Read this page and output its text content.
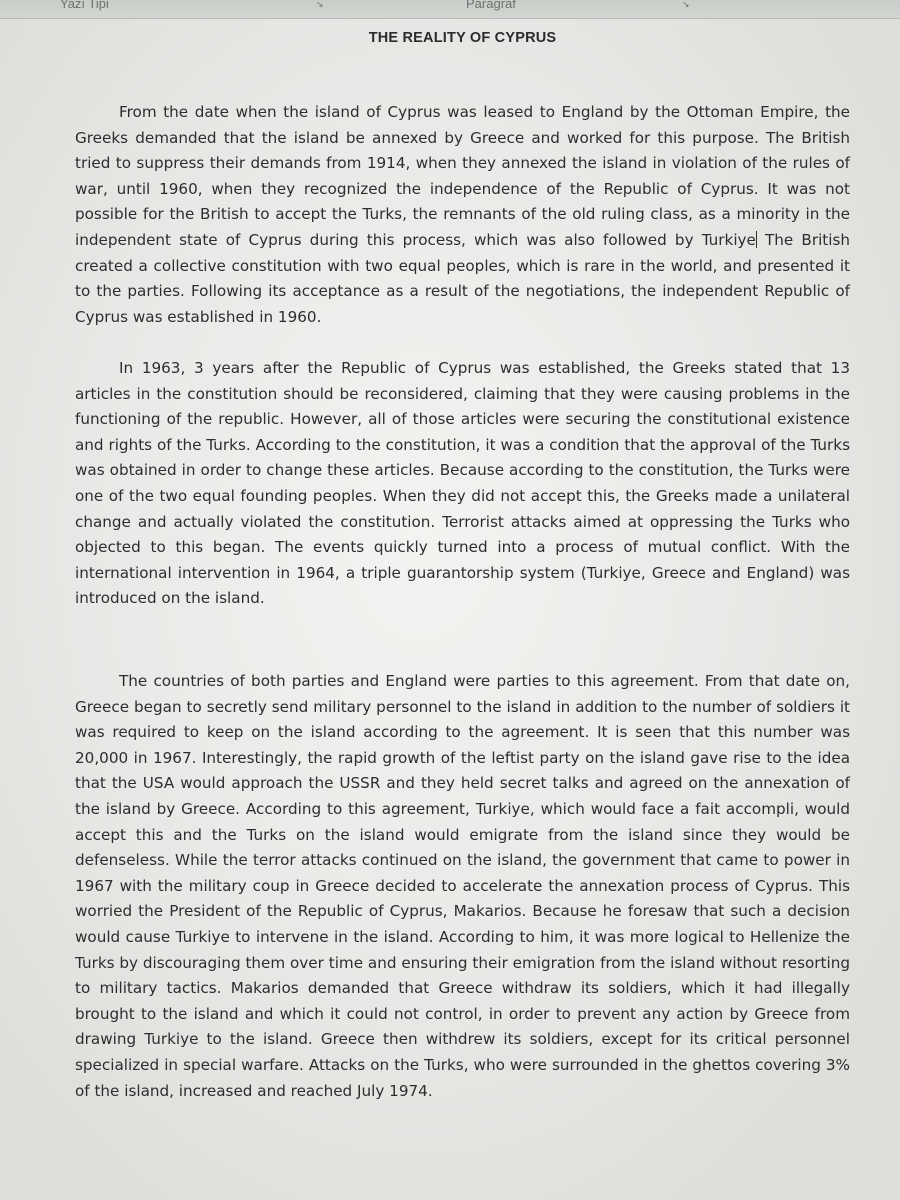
Yazı Tipi	↘	Paragraf	↘
THE REALITY OF CYPRUS

From the date when the island of Cyprus was leased to England by the Ottoman Empire, the Greeks demanded that the island be annexed by Greece and worked for this purpose. The British tried to suppress their demands from 1914, when they annexed the island in violation of the rules of war, until 1960, when they recognized the independence of the Republic of Cyprus. It was not possible for the British to accept the Turks, the remnants of the old ruling class, as a minority in the independent state of Cyprus during this process, which was also followed by Turkiye The British created a collective constitution with two equal peoples, which is rare in the world, and presented it to the parties. Following its acceptance as a result of the negotiations, the independent Republic of Cyprus was established in 1960.

In 1963, 3 years after the Republic of Cyprus was established, the Greeks stated that 13 articles in the constitution should be reconsidered, claiming that they were causing problems in the functioning of the republic. However, all of those articles were securing the constitutional existence and rights of the Turks. According to the constitution, it was a condition that the approval of the Turks was obtained in order to change these articles. Because according to the constitution, the Turks were one of the two equal founding peoples. When they did not accept this, the Greeks made a unilateral change and actually violated the constitution. Terrorist attacks aimed at oppressing the Turks who objected to this began. The events quickly turned into a process of mutual conflict. With the international intervention in 1964, a triple guarantorship system (Turkiye, Greece and England) was introduced on the island.

The countries of both parties and England were parties to this agreement. From that date on, Greece began to secretly send military personnel to the island in addition to the number of soldiers it was required to keep on the island according to the agreement. It is seen that this number was 20,000 in 1967. Interestingly, the rapid growth of the leftist party on the island gave rise to the idea that the USA would approach the USSR and they held secret talks and agreed on the annexation of the island by Greece. According to this agreement, Turkiye, which would face a fait accompli, would accept this and the Turks on the island would emigrate from the island since they would be defenseless. While the terror attacks continued on the island, the government that came to power in 1967 with the military coup in Greece decided to accelerate the annexation process of Cyprus. This worried the President of the Republic of Cyprus, Makarios. Because he foresaw that such a decision would cause Turkiye to intervene in the island. According to him, it was more logical to Hellenize the Turks by discouraging them over time and ensuring their emigration from the island without resorting to military tactics. Makarios demanded that Greece withdraw its soldiers, which it had illegally brought to the island and which it could not control, in order to prevent any action by Greece from drawing Turkiye to the island. Greece then withdrew its soldiers, except for its critical personnel specialized in special warfare. Attacks on the Turks, who were surrounded in the ghettos covering 3% of the island, increased and reached July 1974.
